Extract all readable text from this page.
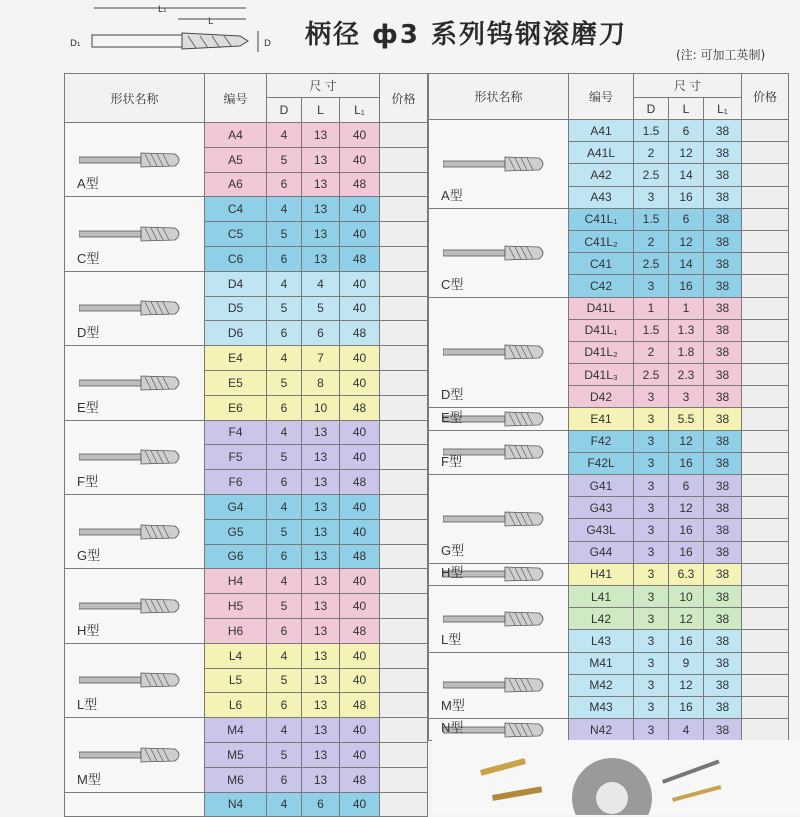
L₁
L
D₁	D 柄径 ф3 系列钨钢滚磨刀
(注: 可加工英制)
形状名称	编号	尺 寸			价格
		D	L	L₁	

A型	A4	4	13	40	
	A5	5	13	40	
	A6	6	13	48	

C型	C4	4	13	40	
	C5	5	13	40	
	C6	6	13	48	

D型	D4	4	4	40	
	D5	5	5	40	
	D6	6	6	48	

E型	E4	4	7	40	
	E5	5	8	40	
	E6	6	10	48	

F型	F4	4	13	40	
	F5	5	13	40	
	F6	6	13	48	

G型	G4	4	13	40	
	G5	5	13	40	
	G6	6	13	48	

H型	H4	4	13	40	
	H5	5	13	40	
	H6	6	13	48	

L型	L4	4	13	40	
	L5	5	13	40	
	L6	6	13	48	

M型	M4	4	13	40	
	M5	5	13	40	
	M6	6	13	48	
	N4	4	6	40	
形状名称	编号	尺 寸			价格
		D	L	L₁	

A型	A41	1.5	6	38	
	A41L	2	12	38	
	A42	2.5	14	38	
	A43	3	16	38	

C型	C41L₁	1.5	6	38	
	C41L₂	2	12	38	
	C41	2.5	14	38	
	C42	3	16	38	

D型	D41L	1	1	38	
	D41L₁	1.5	1.3	38	
	D41L₂	2	1.8	38	
	D41L₃	2.5	2.3	38	
	D42	3	3	38	

E型	E41	3	5.5	38	

F型	F42	3	12	38	
	F42L	3	16	38	

G型	G41	3	6	38	
	G43	3	12	38	
	G43L	3	16	38	
	G44	3	16	38	

H型	H41	3	6.3	38	

L型	L41	3	10	38	
	L42	3	12	38	
	L43	3	16	38	

M型	M41	3	9	38	
	M42	3	12	38	
	M43	3	16	38	

N型	N42	3	4	38	
